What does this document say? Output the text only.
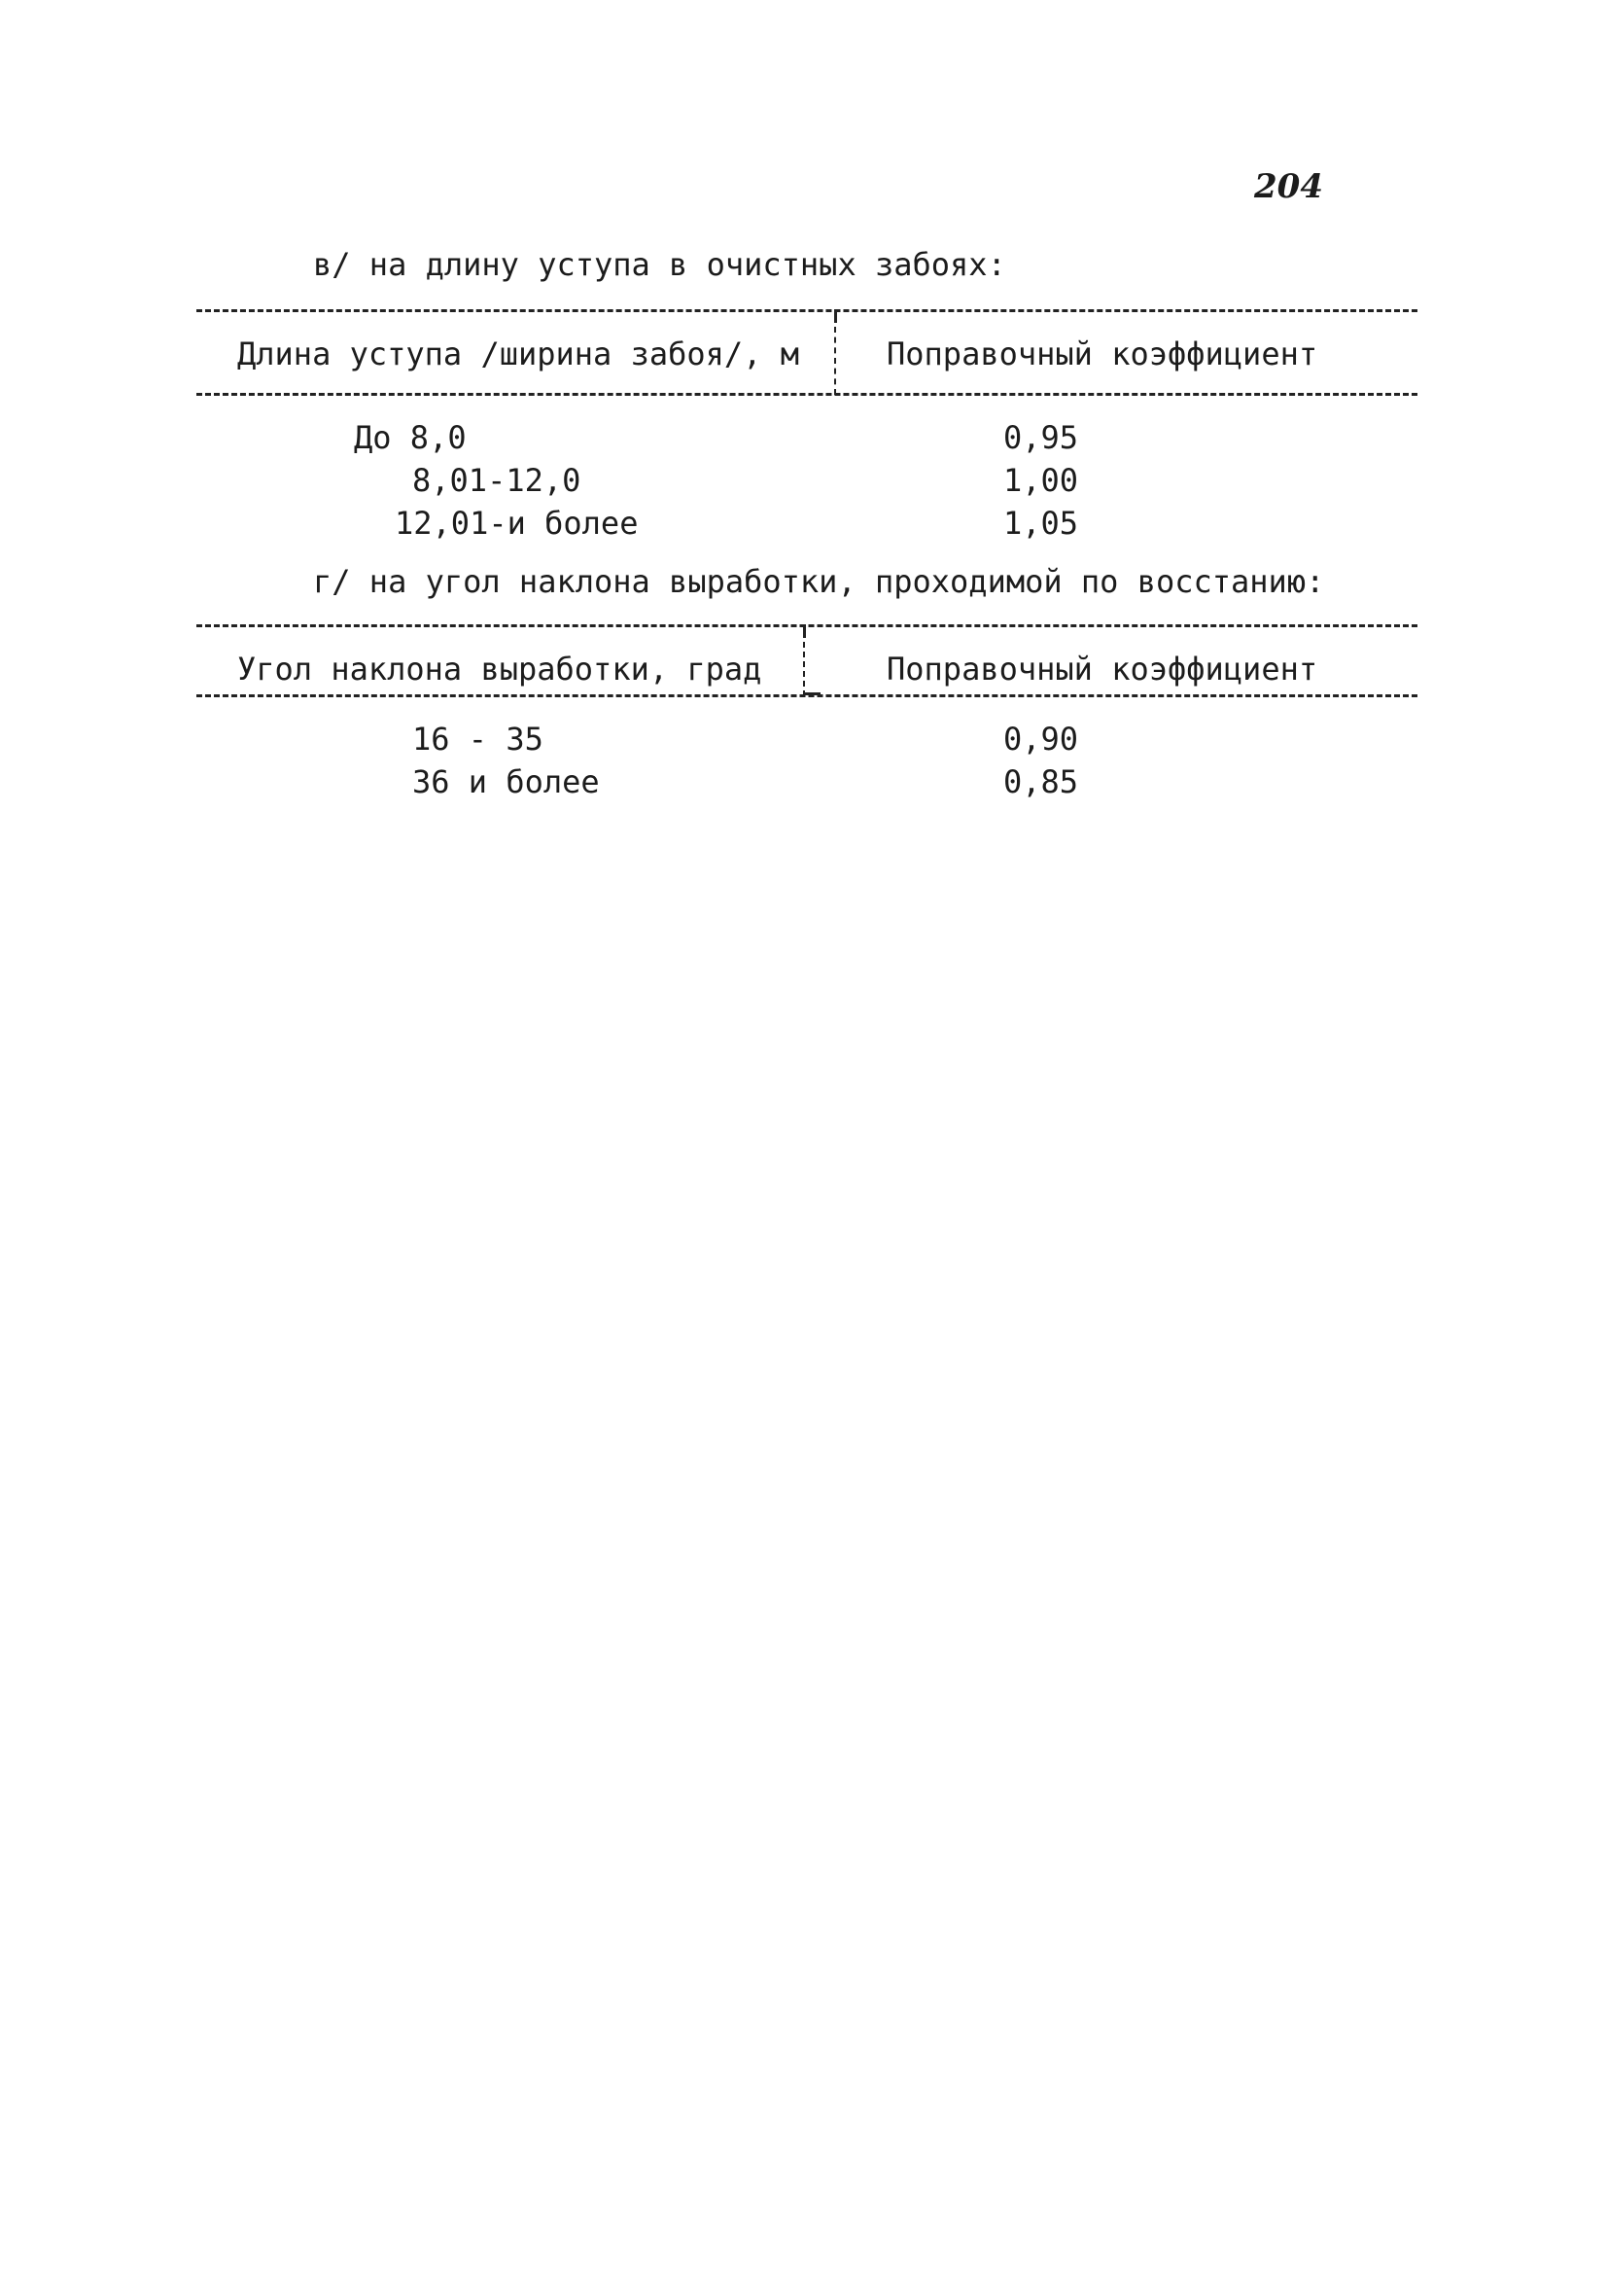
204
в/ на длину уступа в очистных забоях:
Длина уступа /ширина забоя/, м	Поправочный коэффициент
До 8,0	0,95
8,01-12,0	1,00
12,01-и более	1,05
г/ на угол наклона выработки, проходимой по восстанию:
Угол наклона выработки, град	Поправочный коэффициент
16 - 35	0,90
36 и более	0,85
